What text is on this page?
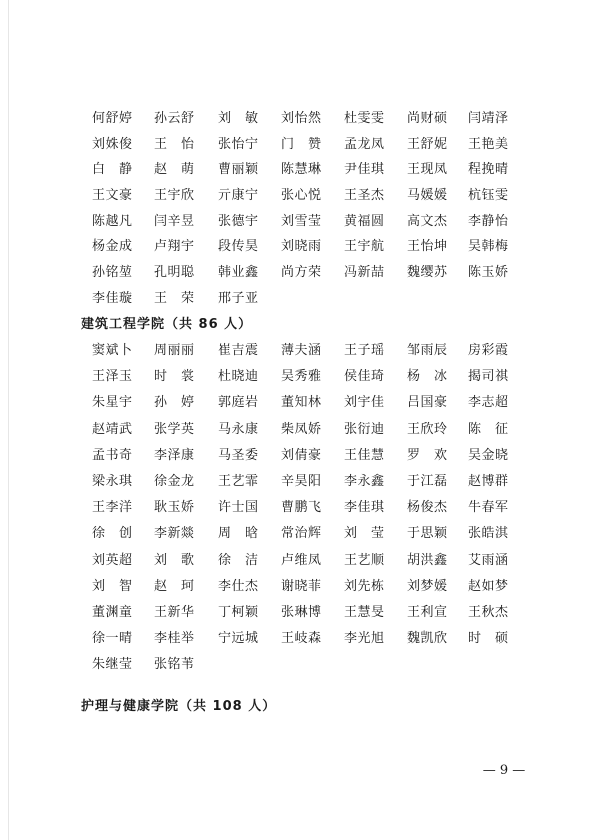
何舒婷	孙云舒	刘　敏	刘怡然	杜雯雯	尚财硕	闫靖泽
刘姝俊	王　怡	张怡宁	门　赞	孟龙凤	王舒妮	王艳美
白　静	赵　萌	曹丽颖	陈慧琳	尹佳琪	王现凤	程挽晴
王文豪	王宇欣	亓康宁	张心悦	王圣杰	马媛媛	杭钰雯
陈越凡	闫辛昱	张德宇	刘雪莹	黄福圆	高文杰	李静怡
杨金成	卢翔宇	段传昊	刘晓雨	王宇航	王怡坤	吴韩梅
孙铭堃	孔明聪	韩业鑫	尚方荣	冯新喆	魏缨苏	陈玉娇
李佳璇	王　荣	邢子亚
建筑工程学院（共 86 人）
窦斌卜	周丽丽	崔吉震	薄夫涵	王子瑶	邹雨辰	房彩霞
王泽玉	时　裳	杜晓迪	吴秀雅	侯佳琦	杨　冰	揭司祺
朱星宇	孙　婷	郭庭岩	董知林	刘宇佳	吕国豪	李志超
赵靖武	张学英	马永康	柴凤娇	张衍迪	王欣玲	陈　征
孟书奇	李泽康	马圣委	刘倩豪	王佳慧	罗　欢	吴金晓
梁永琪	徐金龙	王艺霏	辛昊阳	李永鑫	于江磊	赵博群
王李洋	耿玉娇	许士国	曹鹏飞	李佳琪	杨俊杰	牛春军
徐　创	李新燚	周　晗	常治辉	刘　莹	于思颖	张皓淇
刘英超	刘　歌	徐　洁	卢维凤	王艺顺	胡洪鑫	艾雨涵
刘　智	赵　珂	李仕杰	谢晓菲	刘先栋	刘梦媛	赵如梦
董渊童	王新华	丁柯颖	张琳博	王慧旻	王利宣	王秋杰
徐一晴	李桂举	宁远城	王岐森	李光旭	魏凯欣	时　硕
朱继莹	张铭苇
护理与健康学院（共 108 人）
— 9 —
